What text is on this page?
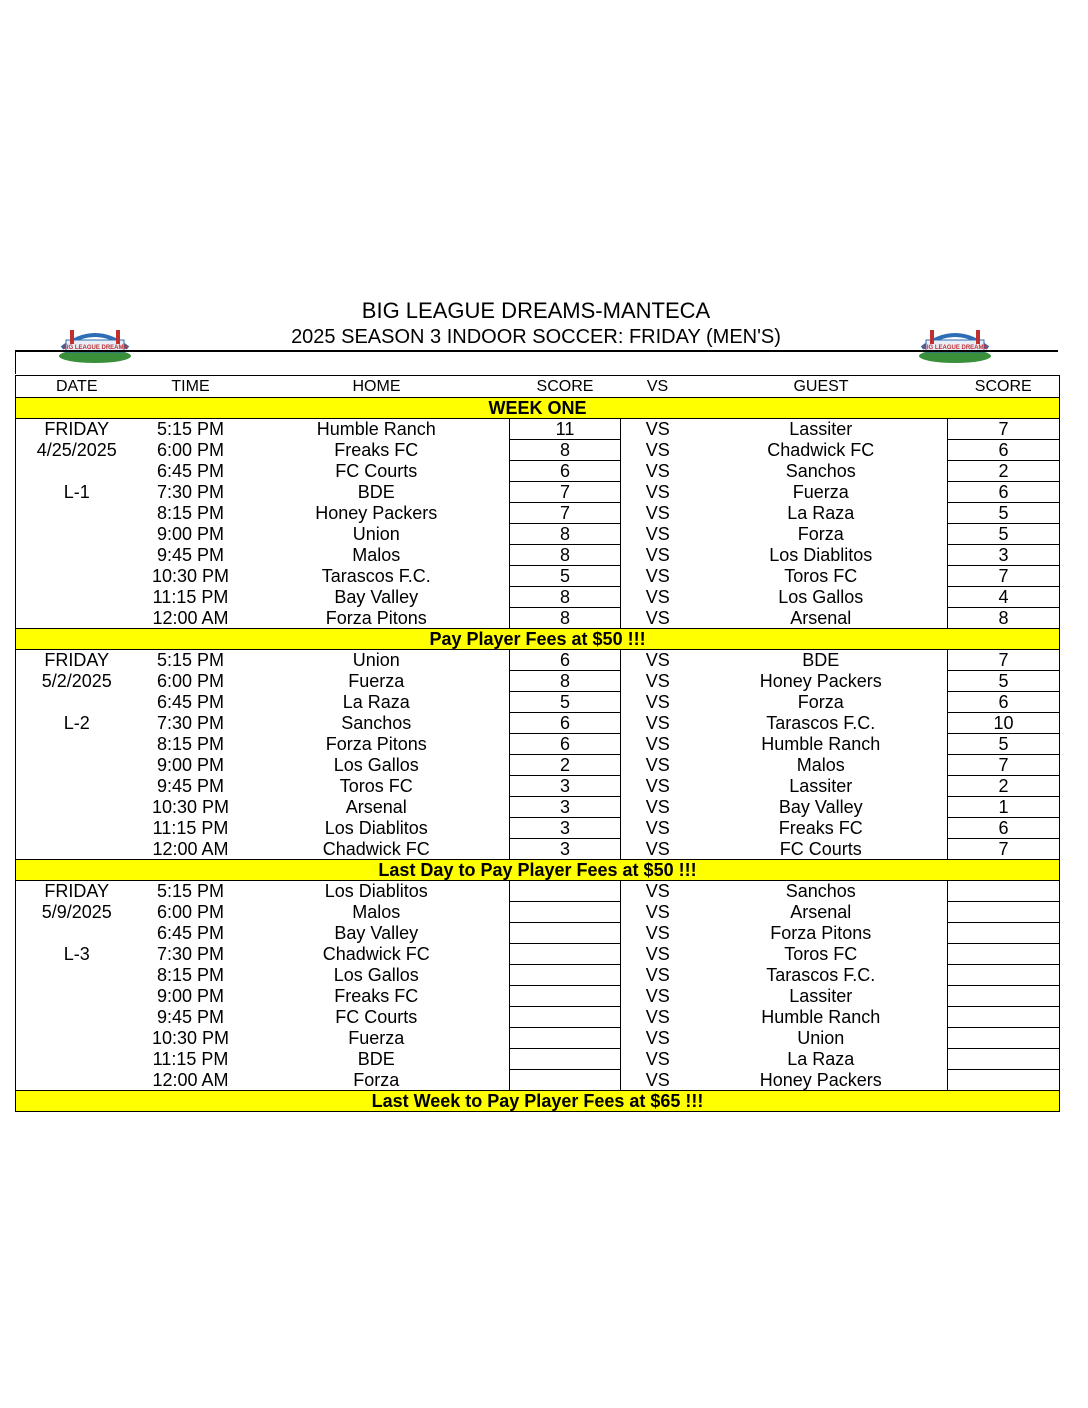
BIG LEAGUE DREAMS-MANTECA
2025 SEASON 3 INDOOR SOCCER: FRIDAY (MEN'S)
BIG LEAGUE DREAMS	BIG LEAGUE DREAMS
DATE	TIME	HOME	SCORE	VS	GUEST	SCORE
WEEK ONE						
FRIDAY	5:15 PM	Humble Ranch	11	VS	Lassiter	7
4/25/2025	6:00 PM	Freaks FC	8	VS	Chadwick FC	6
	6:45 PM	FC Courts	6	VS	Sanchos	2
L-1	7:30 PM	BDE	7	VS	Fuerza	6
	8:15 PM	Honey Packers	7	VS	La Raza	5
	9:00 PM	Union	8	VS	Forza	5
	9:45 PM	Malos	8	VS	Los Diablitos	3
	10:30 PM	Tarascos F.C.	5	VS	Toros FC	7
	11:15 PM	Bay Valley	8	VS	Los Gallos	4
	12:00 AM	Forza Pitons	8	VS	Arsenal	8
Pay Player Fees at $50 !!!						
FRIDAY	5:15 PM	Union	6	VS	BDE	7
5/2/2025	6:00 PM	Fuerza	8	VS	Honey Packers	5
	6:45 PM	La Raza	5	VS	Forza	6
L-2	7:30 PM	Sanchos	6	VS	Tarascos F.C.	10
	8:15 PM	Forza Pitons	6	VS	Humble Ranch	5
	9:00 PM	Los Gallos	2	VS	Malos	7
	9:45 PM	Toros FC	3	VS	Lassiter	2
	10:30 PM	Arsenal	3	VS	Bay Valley	1
	11:15 PM	Los Diablitos	3	VS	Freaks FC	6
	12:00 AM	Chadwick FC	3	VS	FC Courts	7
Last Day to Pay Player Fees at $50 !!!						
FRIDAY	5:15 PM	Los Diablitos		VS	Sanchos	
5/9/2025	6:00 PM	Malos		VS	Arsenal	
	6:45 PM	Bay Valley		VS	Forza Pitons	
L-3	7:30 PM	Chadwick FC		VS	Toros FC	
	8:15 PM	Los Gallos		VS	Tarascos F.C.	
	9:00 PM	Freaks FC		VS	Lassiter	
	9:45 PM	FC Courts		VS	Humble Ranch	
	10:30 PM	Fuerza		VS	Union	
	11:15 PM	BDE		VS	La Raza	
	12:00 AM	Forza		VS	Honey Packers	
Last Week to Pay Player Fees at $65 !!!						
